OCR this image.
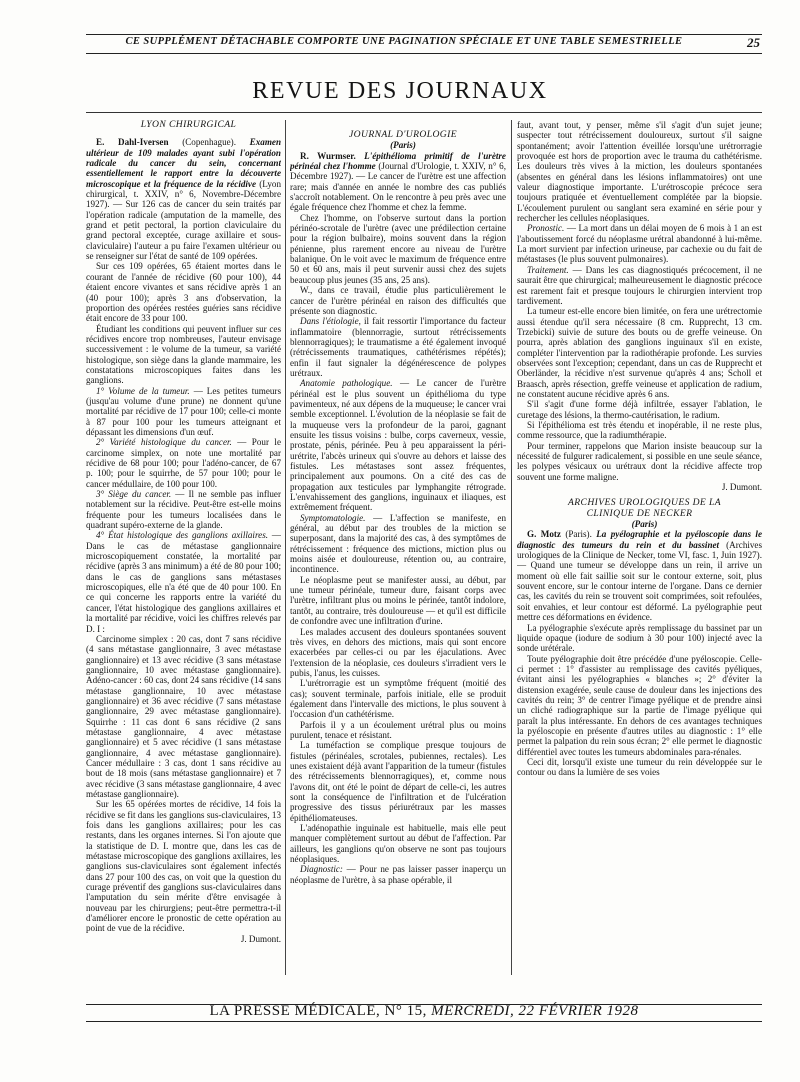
CE SUPPLÉMENT DÉTACHABLE COMPORTE UNE PAGINATION SPÉCIALE ET UNE TABLE SEMESTRIELLE	25
REVUE DES JOURNAUX

LYON CHIRURGICAL

E. Dahl-Iversen (Copenhague). Examen ultérieur de 109 malades ayant subi l'opération radicale du cancer du sein, concernant essentiellement le rapport entre la découverte microscopique et la fréquence de la récidive (Lyon chirurgical, t. XXIV, n° 6, Novembre-Décembre 1927). — Sur 126 cas de cancer du sein traités par l'opération radicale (amputation de la mamelle, des grand et petit pectoral, la portion claviculaire du grand pectoral exceptée, curage axillaire et sous-claviculaire) l'auteur a pu faire l'examen ultérieur ou se renseigner sur l'état de santé de 109 opérées.

Sur ces 109 opérées, 65 étaient mortes dans le courant de l'année de récidive (60 pour 100), 44 étaient encore vivantes et sans récidive après 1 an (40 pour 100); après 3 ans d'observation, la proportion des opérées restées guéries sans récidive était encore de 33 pour 100.

Étudiant les conditions qui peuvent influer sur ces récidives encore trop nombreuses, l'auteur envisage successivement : le volume de la tumeur, sa variété histologique, son siège dans la glande mammaire, les constatations microscopiques faites dans les ganglions.

1° Volume de la tumeur. — Les petites tumeurs (jusqu'au volume d'une prune) ne donnent qu'une mortalité par récidive de 17 pour 100; celle-ci monte à 87 pour 100 pour les tumeurs atteignant et dépassant les dimensions d'un œuf.

2° Variété histologique du cancer. — Pour le carcinome simplex, on note une mortalité par récidive de 68 pour 100; pour l'adéno-cancer, de 67 p. 100; pour le squirrhe, de 57 pour 100; pour le cancer médullaire, de 100 pour 100.

3° Siège du cancer. — Il ne semble pas influer notablement sur la récidive. Peut-être est-elle moins fréquente pour les tumeurs localisées dans le quadrant supéro-externe de la glande.

4° État histologique des ganglions axillaires. — Dans le cas de métastase ganglionnaire microscopiquement constatée, la mortalité par récidive (après 3 ans minimum) a été de 80 pour 100; dans le cas de ganglions sans métastases microscopiques, elle n'a été que de 40 pour 100. En ce qui concerne les rapports entre la variété du cancer, l'état histologique des ganglions axillaires et la mortalité par récidive, voici les chiffres relevés par D. I :

Carcinome simplex : 20 cas, dont 7 sans récidive (4 sans métastase ganglionnaire, 3 avec métastase ganglionnaire) et 13 avec récidive (3 sans métastase ganglionnaire, 10 avec métastase ganglionnaire). Adéno-cancer : 60 cas, dont 24 sans récidive (14 sans métastase ganglionnaire, 10 avec métastase ganglionnaire) et 36 avec récidive (7 sans métastase ganglionnaire, 29 avec métastase ganglionnaire). Squirrhe : 11 cas dont 6 sans récidive (2 sans métastase ganglionnaire, 4 avec métastase ganglionnaire) et 5 avec récidive (1 sans métastase ganglionnaire, 4 avec métastase ganglionnaire). Cancer médullaire : 3 cas, dont 1 sans récidive au bout de 18 mois (sans métastase ganglionnaire) et 7 avec récidive (3 sans métastase ganglionnaire, 4 avec métastase ganglionnaire).

Sur les 65 opérées mortes de récidive, 14 fois la récidive se fit dans les ganglions sus-claviculaires, 13 fois dans les ganglions axillaires; pour les cas restants, dans les organes internes. Si l'on ajoute que la statistique de D. I. montre que, dans les cas de métastase microscopique des ganglions axillaires, les ganglions sus-claviculaires sont également infectés dans 27 pour 100 des cas, on voit que la question du curage préventif des ganglions sus-claviculaires dans l'amputation du sein mérite d'être envisagée à nouveau par les chirurgiens; peut-être permettra-t-il d'améliorer encore le pronostic de cette opération au point de vue de la récidive.

J. Dumont.

JOURNAL D'UROLOGIE

(Paris)

R. Wurmser. L'épithélioma primitif de l'urètre périnéal chez l'homme (Journal d'Urologie, t. XXIV, n° 6, Décembre 1927). — Le cancer de l'urètre est une affection rare; mais d'année en année le nombre des cas publiés s'accroît notablement. On le rencontre à peu près avec une égale fréquence chez l'homme et chez la femme.

Chez l'homme, on l'observe surtout dans la portion périnéo-scrotale de l'urètre (avec une prédilection certaine pour la région bulbaire), moins souvent dans la région pénienne, plus rarement encore au niveau de l'urètre balanique. On le voit avec le maximum de fréquence entre 50 et 60 ans, mais il peut survenir aussi chez des sujets beaucoup plus jeunes (35 ans, 25 ans).

W., dans ce travail, étudie plus particulièrement le cancer de l'urètre périnéal en raison des difficultés que présente son diagnostic.

Dans l'étiologie, il fait ressortir l'importance du facteur inflammatoire (blennorragie, surtout rétrécissements blennorragiques); le traumatisme a été également invoqué (rétrécissements traumatiques, cathétérismes répétés); enfin il faut signaler la dégénérescence de polypes urétraux.

Anatomie pathologique. — Le cancer de l'urètre périnéal est le plus souvent un épithélioma du type pavimenteux, né aux dépens de la muqueuse; le cancer vrai semble exceptionnel. L'évolution de la néoplasie se fait de la muqueuse vers la profondeur de la paroi, gagnant ensuite les tissus voisins : bulbe, corps caverneux, vessie, prostate, pénis, périnée. Peu à peu apparaissent la péri-urétrite, l'abcès urineux qui s'ouvre au dehors et laisse des fistules. Les métastases sont assez fréquentes, principalement aux poumons. On a cité des cas de propagation aux testicules par lymphangite rétrograde. L'envahissement des ganglions, inguinaux et iliaques, est extrêmement fréquent.

Symptomatologie. — L'affection se manifeste, en général, au début par des troubles de la miction se superposant, dans la majorité des cas, à des symptômes de rétrécissement : fréquence des mictions, miction plus ou moins aisée et douloureuse, rétention ou, au contraire, incontinence.

Le néoplasme peut se manifester aussi, au début, par une tumeur périnéale, tumeur dure, faisant corps avec l'urètre, infiltrant plus ou moins le périnée, tantôt indolore, tantôt, au contraire, très douloureuse — et qu'il est difficile de confondre avec une infiltration d'urine.

Les malades accusent des douleurs spontanées souvent très vives, en dehors des mictions, mais qui sont encore exacerbées par celles-ci ou par les éjaculations. Avec l'extension de la néoplasie, ces douleurs s'irradient vers le pubis, l'anus, les cuisses.

L'urétrorragie est un symptôme fréquent (moitié des cas); souvent terminale, parfois initiale, elle se produit également dans l'intervalle des mictions, le plus souvent à l'occasion d'un cathétérisme.

Parfois il y a un écoulement urétral plus ou moins purulent, tenace et résistant.

La tuméfaction se complique presque toujours de fistules (périnéales, scrotales, pubiennes, rectales). Les unes existaient déjà avant l'apparition de la tumeur (fistules des rétrécissements blennorragiques), et, comme nous l'avons dit, ont été le point de départ de celle-ci, les autres sont la conséquence de l'infiltration et de l'ulcération progressive des tissus périurétraux par les masses épithéliomateuses.

L'adénopathie inguinale est habituelle, mais elle peut manquer complètement surtout au début de l'affection. Par ailleurs, les ganglions qu'on observe ne sont pas toujours néoplasiques.

Diagnostic: — Pour ne pas laisser passer inaperçu un néoplasme de l'urètre, à sa phase opérable, il

faut, avant tout, y penser, même s'il s'agit d'un sujet jeune; suspecter tout rétrécissement douloureux, surtout s'il saigne spontanément; avoir l'attention éveillée lorsqu'une urétrorragie provoquée est hors de proportion avec le trauma du cathétérisme. Les douleurs très vives à la miction, les douleurs spontanées (absentes en général dans les lésions inflammatoires) ont une valeur diagnostique importante. L'urétroscopie précoce sera toujours pratiquée et éventuellement complétée par la biopsie. L'écoulement purulent ou sanglant sera examiné en série pour y rechercher les cellules néoplasiques.

Pronostic. — La mort dans un délai moyen de 6 mois à 1 an est l'aboutissement forcé du néoplasme urétral abandonné à lui-même. La mort survient par infection urineuse, par cachexie ou du fait de métastases (le plus souvent pulmonaires).

Traitement. — Dans les cas diagnostiqués précocement, il ne saurait être que chirurgical; malheureusement le diagnostic précoce est rarement fait et presque toujours le chirurgien intervient trop tardivement.

La tumeur est-elle encore bien limitée, on fera une urétrectomie aussi étendue qu'il sera nécessaire (8 cm. Rupprecht, 13 cm. Trzebicki) suivie de suture des bouts ou de greffe veineuse. On pourra, après ablation des ganglions inguinaux s'il en existe, compléter l'intervention par la radiothérapie profonde. Les survies observées sont l'exception; cependant, dans un cas de Rupprecht et Oberländer, la récidive n'est survenue qu'après 4 ans; Scholl et Braasch, après résection, greffe veineuse et application de radium, ne constatent aucune récidive après 6 ans.

S'il s'agit d'une forme déjà infiltrée, essayer l'ablation, le curetage des lésions, la thermo-cautérisation, le radium.

Si l'épithélioma est très étendu et inopérable, il ne reste plus, comme ressource, que la radiumthérapie.

Pour terminer, rappelons que Marion insiste beaucoup sur la nécessité de fulgurer radicalement, si possible en une seule séance, les polypes vésicaux ou urétraux dont la récidive affecte trop souvent une forme maligne.

J. Dumont.

ARCHIVES UROLOGIQUES DE LA CLINIQUE DE NECKER

(Paris)

G. Motz (Paris). La pyélographie et la pyéloscopie dans le diagnostic des tumeurs du rein et du bassinet (Archives urologiques de la Clinique de Necker, tome VI, fasc. 1, Juin 1927). — Quand une tumeur se développe dans un rein, il arrive un moment où elle fait saillie soit sur le contour externe, soit, plus souvent encore, sur le contour interne de l'organe. Dans ce dernier cas, les cavités du rein se trouvent soit comprimées, soit refoulées, soit envahies, et leur contour est déformé. La pyélographie peut mettre ces déformations en évidence.

La pyélographie s'exécute après remplissage du bassinet par un liquide opaque (iodure de sodium à 30 pour 100) injecté avec la sonde urétérale.

Toute pyélographie doit être précédée d'une pyéloscopie. Celle-ci permet : 1° d'assister au remplissage des cavités pyéliques, évitant ainsi les pyélographies « blanches »; 2° d'éviter la distension exagérée, seule cause de douleur dans les injections des cavités du rein; 3° de centrer l'image pyélique et de prendre ainsi un cliché radiographique sur la partie de l'image pyélique qui paraît la plus intéressante. En dehors de ces avantages techniques la pyéloscopie en présente d'autres utiles au diagnostic : 1° elle permet la palpation du rein sous écran; 2° elle permet le diagnostic différentiel avec toutes les tumeurs abdominales para-rénales.

Ceci dit, lorsqu'il existe une tumeur du rein développée sur le contour ou dans la lumière de ses voies

LA PRESSE MÉDICALE, N° 15, MERCREDI, 22 FÉVRIER 1928
